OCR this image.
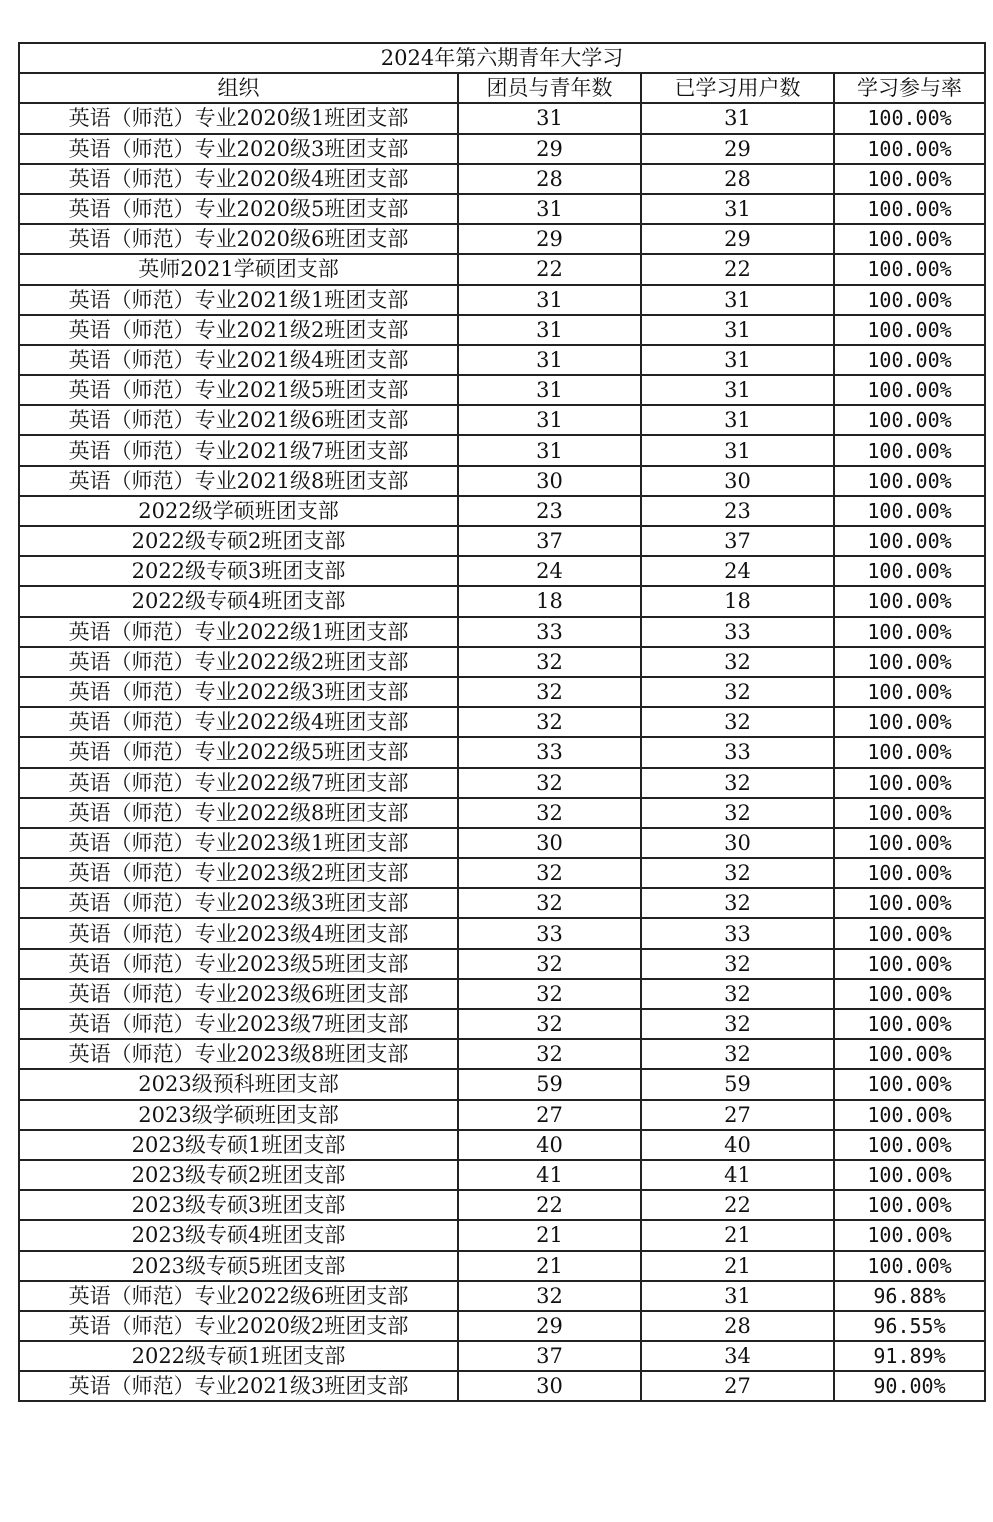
2024年第六期青年大学习			
组织	团员与青年数	已学习用户数	学习参与率
英语（师范）专业2020级1班团支部	31	31	100.00%
英语（师范）专业2020级3班团支部	29	29	100.00%
英语（师范）专业2020级4班团支部	28	28	100.00%
英语（师范）专业2020级5班团支部	31	31	100.00%
英语（师范）专业2020级6班团支部	29	29	100.00%
英师2021学硕团支部	22	22	100.00%
英语（师范）专业2021级1班团支部	31	31	100.00%
英语（师范）专业2021级2班团支部	31	31	100.00%
英语（师范）专业2021级4班团支部	31	31	100.00%
英语（师范）专业2021级5班团支部	31	31	100.00%
英语（师范）专业2021级6班团支部	31	31	100.00%
英语（师范）专业2021级7班团支部	31	31	100.00%
英语（师范）专业2021级8班团支部	30	30	100.00%
2022级学硕班团支部	23	23	100.00%
2022级专硕2班团支部	37	37	100.00%
2022级专硕3班团支部	24	24	100.00%
2022级专硕4班团支部	18	18	100.00%
英语（师范）专业2022级1班团支部	33	33	100.00%
英语（师范）专业2022级2班团支部	32	32	100.00%
英语（师范）专业2022级3班团支部	32	32	100.00%
英语（师范）专业2022级4班团支部	32	32	100.00%
英语（师范）专业2022级5班团支部	33	33	100.00%
英语（师范）专业2022级7班团支部	32	32	100.00%
英语（师范）专业2022级8班团支部	32	32	100.00%
英语（师范）专业2023级1班团支部	30	30	100.00%
英语（师范）专业2023级2班团支部	32	32	100.00%
英语（师范）专业2023级3班团支部	32	32	100.00%
英语（师范）专业2023级4班团支部	33	33	100.00%
英语（师范）专业2023级5班团支部	32	32	100.00%
英语（师范）专业2023级6班团支部	32	32	100.00%
英语（师范）专业2023级7班团支部	32	32	100.00%
英语（师范）专业2023级8班团支部	32	32	100.00%
2023级预科班团支部	59	59	100.00%
2023级学硕班团支部	27	27	100.00%
2023级专硕1班团支部	40	40	100.00%
2023级专硕2班团支部	41	41	100.00%
2023级专硕3班团支部	22	22	100.00%
2023级专硕4班团支部	21	21	100.00%
2023级专硕5班团支部	21	21	100.00%
英语（师范）专业2022级6班团支部	32	31	96.88%
英语（师范）专业2020级2班团支部	29	28	96.55%
2022级专硕1班团支部	37	34	91.89%
英语（师范）专业2021级3班团支部	30	27	90.00%
